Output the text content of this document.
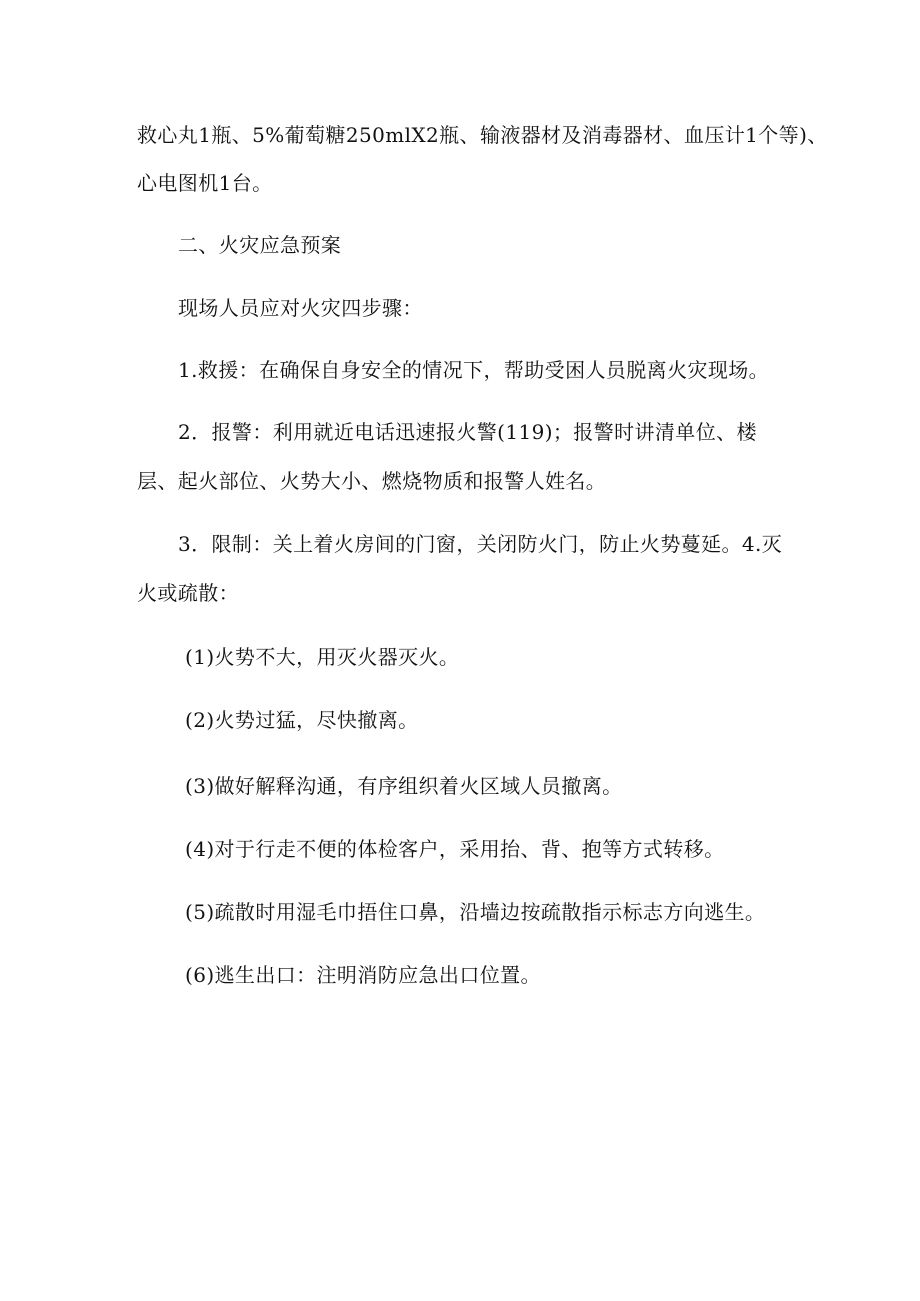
救心丸1瓶、5%葡萄糖250mlX2瓶、输液器材及消毒器材、血压计1个等)、
心电图机1台。
二、火灾应急预案
现场人员应对火灾四步骤：
1.救援：在确保自身安全的情况下，帮助受困人员脱离火灾现场。
2．报警：利用就近电话迅速报火警(119)；报警时讲清单位、楼
层、起火部位、火势大小、燃烧物质和报警人姓名。
3．限制：关上着火房间的门窗，关闭防火门，防止火势蔓延。4.灭
火或疏散：
(1)火势不大，用灭火器灭火。
(2)火势过猛，尽快撤离。
(3)做好解释沟通，有序组织着火区域人员撤离。
(4)对于行走不便的体检客户，采用抬、背、抱等方式转移。
(5)疏散时用湿毛巾捂住口鼻，沿墙边按疏散指示标志方向逃生。
(6)逃生出口：注明消防应急出口位置。
